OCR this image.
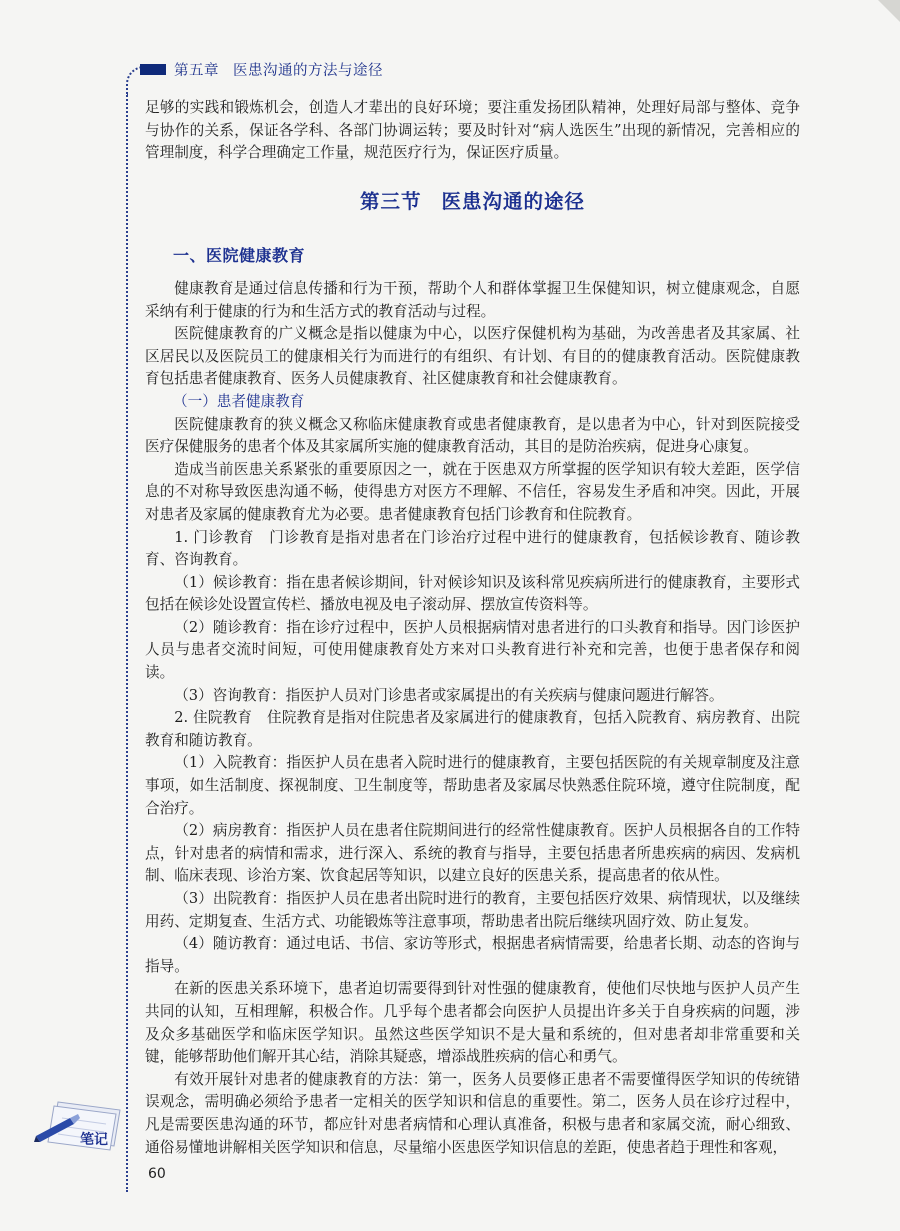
第五章 医患沟通的方法与途径

足够的实践和锻炼机会，创造人才辈出的良好环境；要注重发扬团队精神，处理好局部与整体、竞争与协作的关系，保证各学科、各部门协调运转；要及时针对“病人选医生”出现的新情况，完善相应的管理制度，科学合理确定工作量，规范医疗行为，保证医疗质量。

第三节 医患沟通的途径
一、医院健康教育

健康教育是通过信息传播和行为干预，帮助个人和群体掌握卫生保健知识，树立健康观念，自愿采纳有利于健康的行为和生活方式的教育活动与过程。

医院健康教育的广义概念是指以健康为中心，以医疗保健机构为基础，为改善患者及其家属、社区居民以及医院员工的健康相关行为而进行的有组织、有计划、有目的的健康教育活动。医院健康教育包括患者健康教育、医务人员健康教育、社区健康教育和社会健康教育。

（一）患者健康教育

医院健康教育的狭义概念又称临床健康教育或患者健康教育，是以患者为中心，针对到医院接受医疗保健服务的患者个体及其家属所实施的健康教育活动，其目的是防治疾病，促进身心康复。

造成当前医患关系紧张的重要原因之一，就在于医患双方所掌握的医学知识有较大差距，医学信息的不对称导致医患沟通不畅，使得患方对医方不理解、不信任，容易发生矛盾和冲突。因此，开展对患者及家属的健康教育尤为必要。患者健康教育包括门诊教育和住院教育。

1. 门诊教育 门诊教育是指对患者在门诊治疗过程中进行的健康教育，包括候诊教育、随诊教育、咨询教育。

（1）候诊教育：指在患者候诊期间，针对候诊知识及该科常见疾病所进行的健康教育，主要形式包括在候诊处设置宣传栏、播放电视及电子滚动屏、摆放宣传资料等。

（2）随诊教育：指在诊疗过程中，医护人员根据病情对患者进行的口头教育和指导。因门诊医护人员与患者交流时间短，可使用健康教育处方来对口头教育进行补充和完善，也便于患者保存和阅读。

（3）咨询教育：指医护人员对门诊患者或家属提出的有关疾病与健康问题进行解答。

2. 住院教育 住院教育是指对住院患者及家属进行的健康教育，包括入院教育、病房教育、出院教育和随访教育。

（1）入院教育：指医护人员在患者入院时进行的健康教育，主要包括医院的有关规章制度及注意事项，如生活制度、探视制度、卫生制度等，帮助患者及家属尽快熟悉住院环境，遵守住院制度，配合治疗。

（2）病房教育：指医护人员在患者住院期间进行的经常性健康教育。医护人员根据各自的工作特点，针对患者的病情和需求，进行深入、系统的教育与指导，主要包括患者所患疾病的病因、发病机制、临床表现、诊治方案、饮食起居等知识，以建立良好的医患关系，提高患者的依从性。

（3）出院教育：指医护人员在患者出院时进行的教育，主要包括医疗效果、病情现状，以及继续用药、定期复查、生活方式、功能锻炼等注意事项，帮助患者出院后继续巩固疗效、防止复发。

（4）随访教育：通过电话、书信、家访等形式，根据患者病情需要，给患者长期、动态的咨询与指导。

在新的医患关系环境下，患者迫切需要得到针对性强的健康教育，使他们尽快地与医护人员产生共同的认知，互相理解，积极合作。几乎每个患者都会向医护人员提出许多关于自身疾病的问题，涉及众多基础医学和临床医学知识。虽然这些医学知识不是大量和系统的，但对患者却非常重要和关键，能够帮助他们解开其心结，消除其疑惑，增添战胜疾病的信心和勇气。

有效开展针对患者的健康教育的方法：第一，医务人员要修正患者不需要懂得医学知识的传统错误观念，需明确必须给予患者一定相关的医学知识和信息的重要性。第二，医务人员在诊疗过程中，凡是需要医患沟通的环节，都应针对患者病情和心理认真准备，积极与患者和家属交流，耐心细致、通俗易懂地讲解相关医学知识和信息，尽量缩小医患医学知识信息的差距，使患者趋于理性和客观，

笔记
60
